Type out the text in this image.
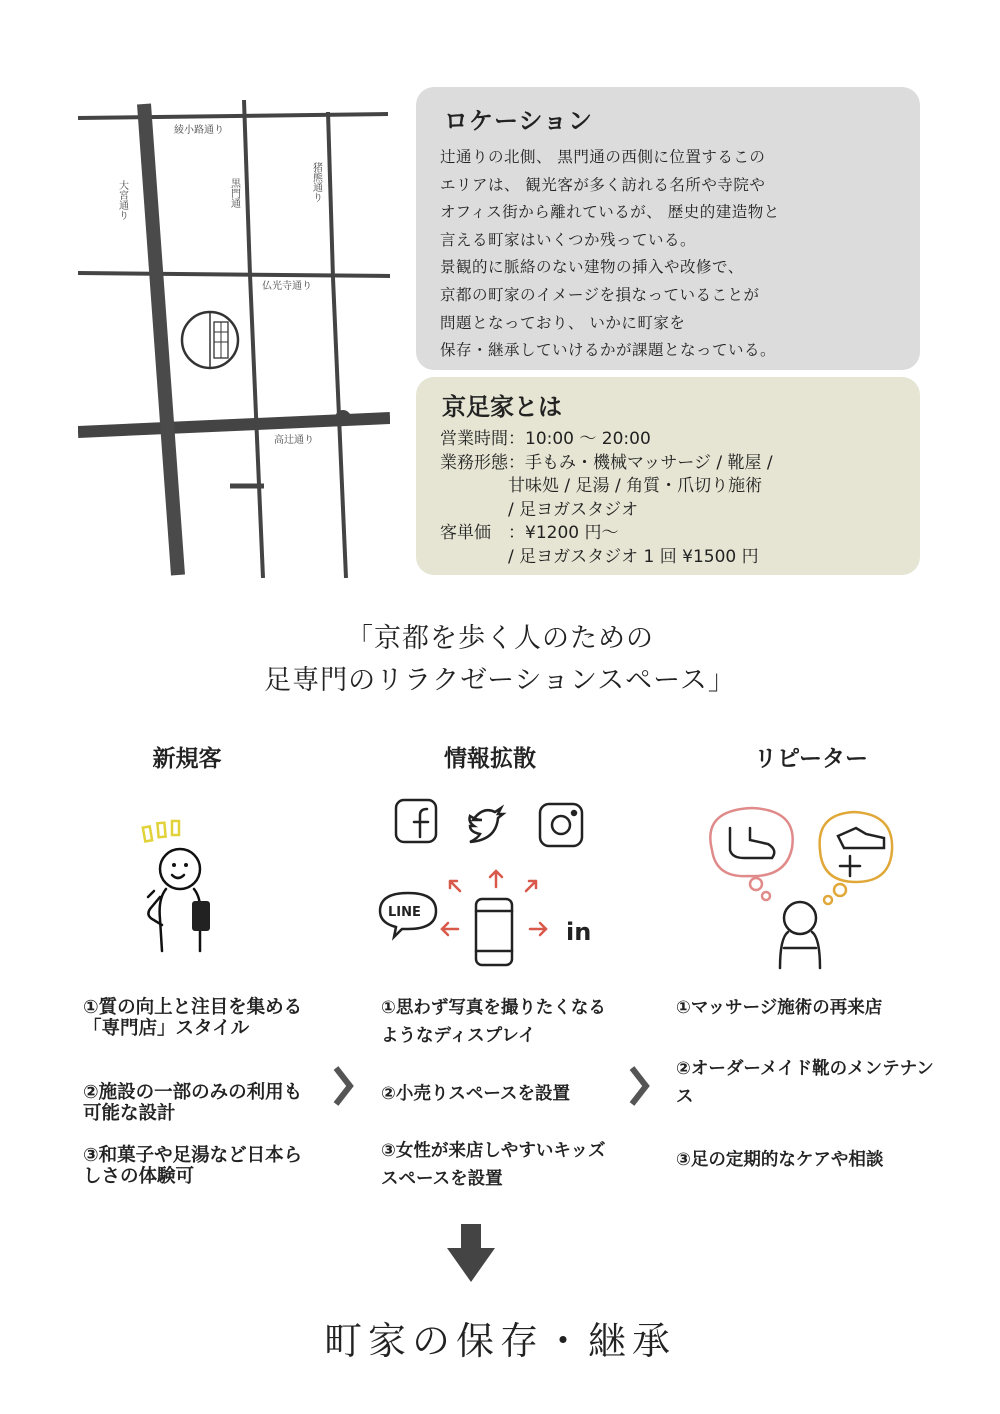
綾小路通り
仏光寺通り
高辻通り
大宮通り	黒門通	猪熊通り
ロケーション
辻通りの北側、 黒門通の西側に位置するこの
エリアは、 観光客が多く訪れる名所や寺院や
オフィス街から離れているが、 歴史的建造物と
言える町家はいくつか残っている。
景観的に脈絡のない建物の挿入や改修で、
京都の町家のイメージを損なっていることが
問題となっており、 いかに町家を
保存・継承していけるかが課題となっている。
京足家とは
営業時間：10:00 ～ 20:00
業務形態：手もみ・機械マッサージ / 靴屋 /
　　　　甘味処 / 足湯 / 角質・爪切り施術
　　　　/ 足ヨガスタジオ
客単価　：¥1200 円～
　　　　/ 足ヨガスタジオ 1 回 ¥1500 円
「京都を歩く人のための
足専門のリラクゼーションスペース」
新規客	情報拡散	リピーター
LINE
in
①質の向上と注目を集める「専門店」スタイル
②施設の一部のみの利用も可能な設計
③和菓子や足湯など日本らしさの体験可
①思わず写真を撮りたくなるようなディスプレイ
②小売りスペースを設置
③女性が来店しやすいキッズスペースを設置
①マッサージ施術の再来店
②オーダーメイド靴のメンテナンス
③足の定期的なケアや相談
町家の保存・継承
